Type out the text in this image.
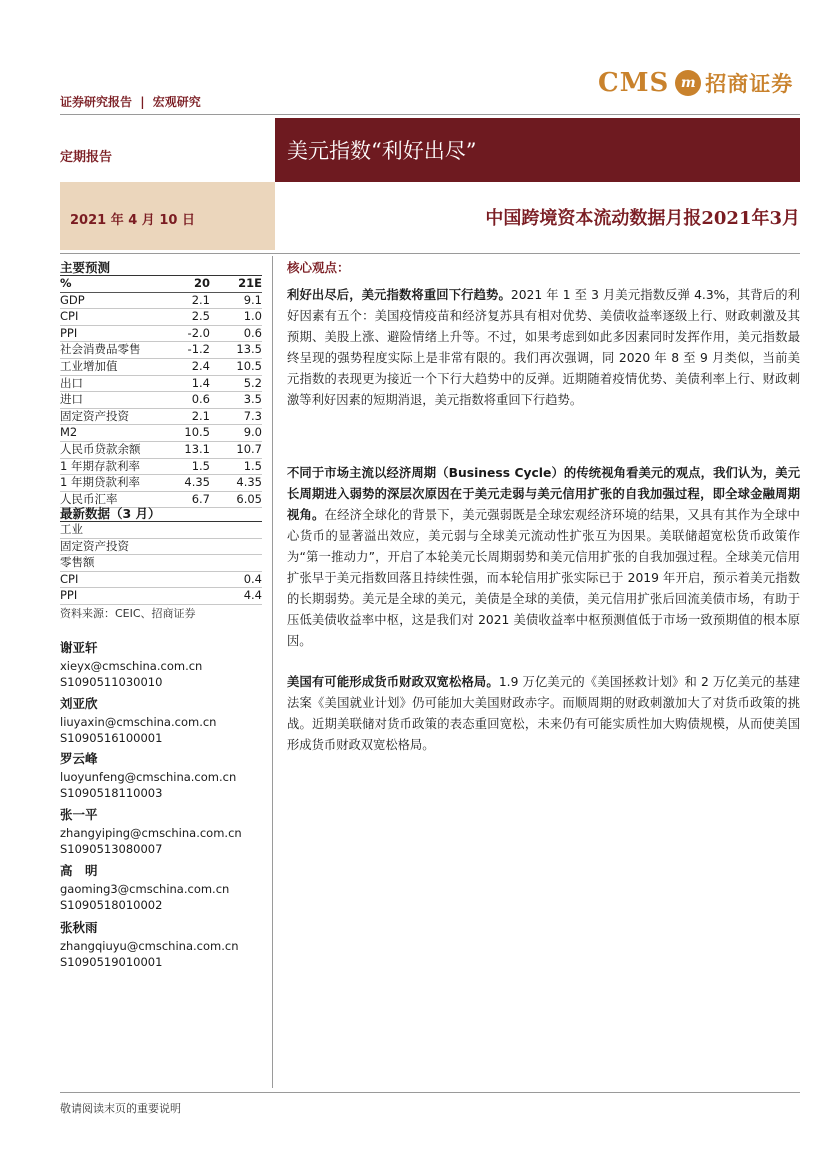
证券研究报告 | 宏观研究
CMS m 招商证券
定期报告	美元指数“利好出尽”
2021 年 4 月 10 日	中国跨境资本流动数据月报2021年3月
主要预测
%	20	21E
GDP	2.1	9.1
CPI	2.5	1.0
PPI	-2.0	0.6
社会消费品零售	-1.2	13.5
工业增加值	2.4	10.5
出口	1.4	5.2
进口	0.6	3.5
固定资产投资	2.1	7.3
M2	10.5	9.0
人民币贷款余额	13.1	10.7
1 年期存款利率	1.5	1.5
1 年期贷款利率	4.35	4.35
人民币汇率	6.7	6.05
最新数据（3 月）
工业		
固定资产投资		
零售额		
CPI		0.4
PPI		4.4
资料来源：CEIC、招商证券
谢亚轩
xieyx@cmschina.com.cn
S1090511030010
刘亚欣
liuyaxin@cmschina.com.cn
S1090516100001
罗云峰
luoyunfeng@cmschina.com.cn
S1090518110003
张一平
zhangyiping@cmschina.com.cn
S1090513080007
高　明
gaoming3@cmschina.com.cn
S1090518010002
张秋雨
zhangqiuyu@cmschina.com.cn
S1090519010001
核心观点：
利好出尽后，美元指数将重回下行趋势。2021 年 1 至 3 月美元指数反弹 4.3%，其背后的利好因素有五个：美国疫情疫苗和经济复苏具有相对优势、美债收益率逐级上行、财政刺激及其预期、美股上涨、避险情绪上升等。不过，如果考虑到如此多因素同时发挥作用，美元指数最终呈现的强势程度实际上是非常有限的。我们再次强调，同 2020 年 8 至 9 月类似，当前美元指数的表现更为接近一个下行大趋势中的反弹。近期随着疫情优势、美债利率上行、财政刺激等利好因素的短期消退，美元指数将重回下行趋势。
不同于市场主流以经济周期（Business Cycle）的传统视角看美元的观点，我们认为，美元长周期进入弱势的深层次原因在于美元走弱与美元信用扩张的自我加强过程，即全球金融周期视角。在经济全球化的背景下，美元强弱既是全球宏观经济环境的结果，又具有其作为全球中心货币的显著溢出效应，美元弱与全球美元流动性扩张互为因果。美联储超宽松货币政策作为“第一推动力”，开启了本轮美元长周期弱势和美元信用扩张的自我加强过程。全球美元信用扩张早于美元指数回落且持续性强，而本轮信用扩张实际已于 2019 年开启，预示着美元指数的长期弱势。美元是全球的美元，美债是全球的美债，美元信用扩张后回流美债市场，有助于压低美债收益率中枢，这是我们对 2021 美债收益率中枢预测值低于市场一致预期值的根本原因。
美国有可能形成货币财政双宽松格局。1.9 万亿美元的《美国拯救计划》和 2 万亿美元的基建法案《美国就业计划》仍可能加大美国财政赤字。而顺周期的财政刺激加大了对货币政策的挑战。近期美联储对货币政策的表态重回宽松，未来仍有可能实质性加大购债规模，从而使美国形成货币财政双宽松格局。
敬请阅读末页的重要说明
